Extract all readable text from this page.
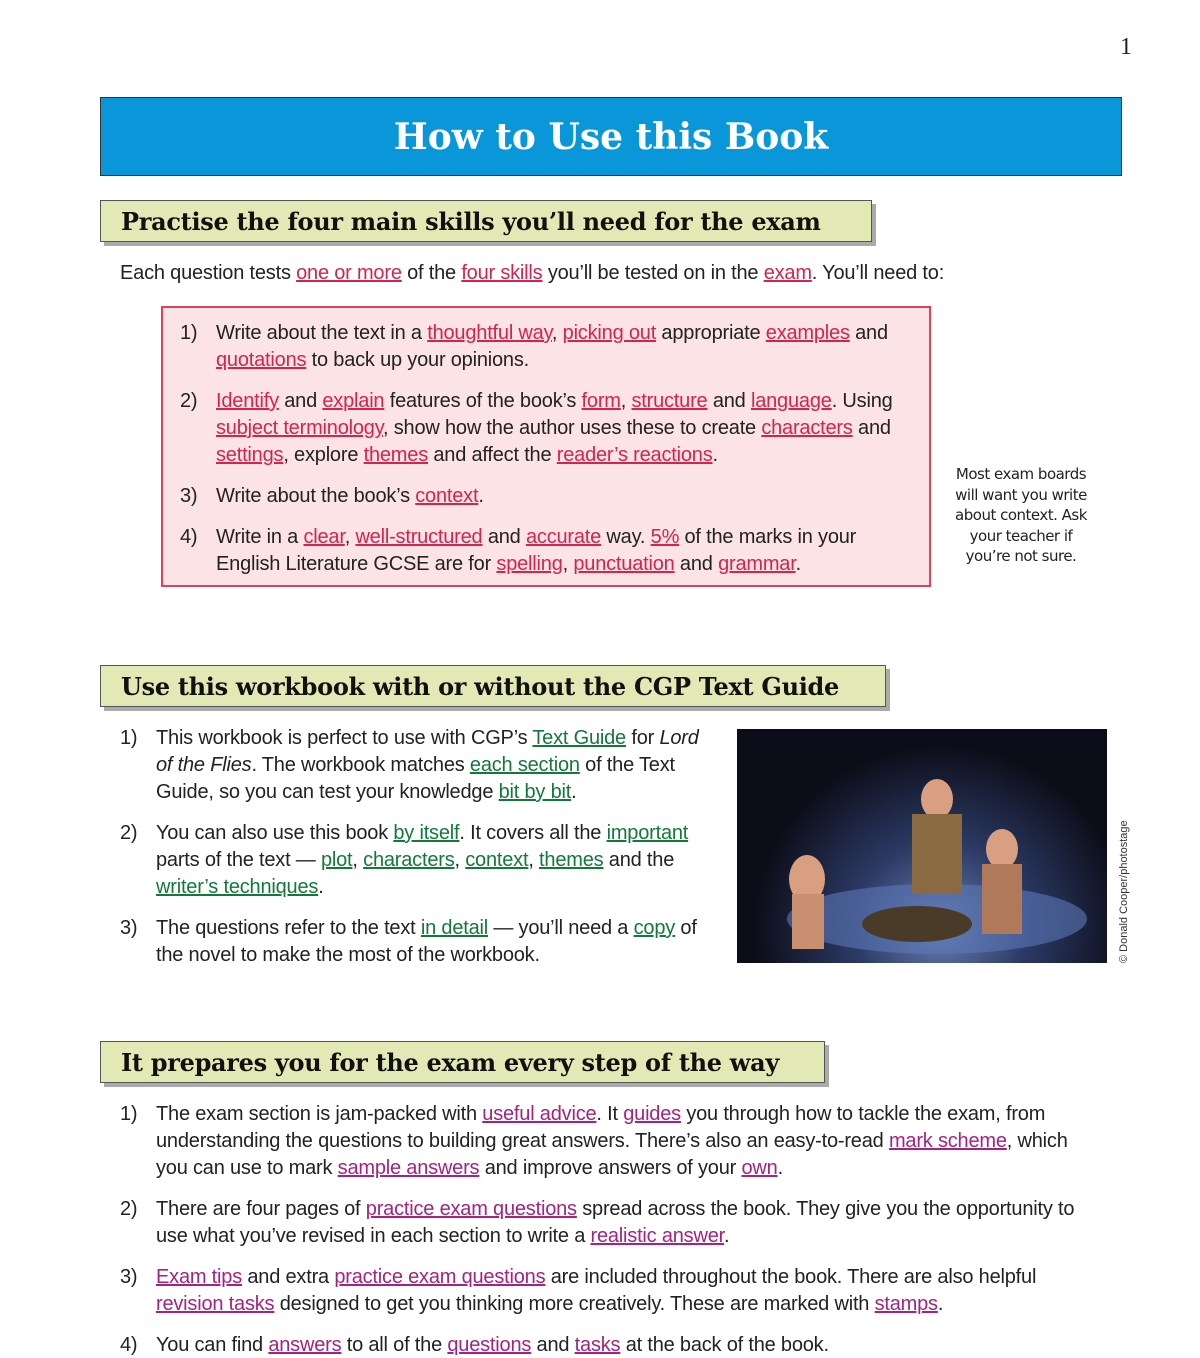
1
How to Use this Book
Practise the four main skills you’ll need for the exam
Each question tests one or more of the four skills you’ll be tested on in the exam. You’ll need to:
1) Write about the text in a thoughtful way, picking out appropriate examples and quotations to back up your opinions.
2) Identify and explain features of the book’s form, structure and language. Using subject terminology, show how the author uses these to create characters and settings, explore themes and affect the reader’s reactions.
3) Write about the book’s context.
4) Write in a clear, well-structured and accurate way. 5% of the marks in your English Literature GCSE are for spelling, punctuation and grammar.
Most exam boards will want you write about context. Ask your teacher if you’re not sure.
Use this workbook with or without the CGP Text Guide
1) This workbook is perfect to use with CGP’s Text Guide for Lord of the Flies. The workbook matches each section of the Text Guide, so you can test your knowledge bit by bit.
2) You can also use this book by itself. It covers all the important parts of the text — plot, characters, context, themes and the writer’s techniques.
3) The questions refer to the text in detail — you’ll need a copy of the novel to make the most of the workbook.	© Donald Cooper/photostage
It prepares you for the exam every step of the way
1) The exam section is jam-packed with useful advice. It guides you through how to tackle the exam, from understanding the questions to building great answers. There’s also an easy-to-read mark scheme, which you can use to mark sample answers and improve answers of your own.
2) There are four pages of practice exam questions spread across the book. They give you the opportunity to use what you’ve revised in each section to write a realistic answer.
3) Exam tips and extra practice exam questions are included throughout the book. There are also helpful revision tasks designed to get you thinking more creatively. These are marked with stamps.
4) You can find answers to all of the questions and tasks at the back of the book.
